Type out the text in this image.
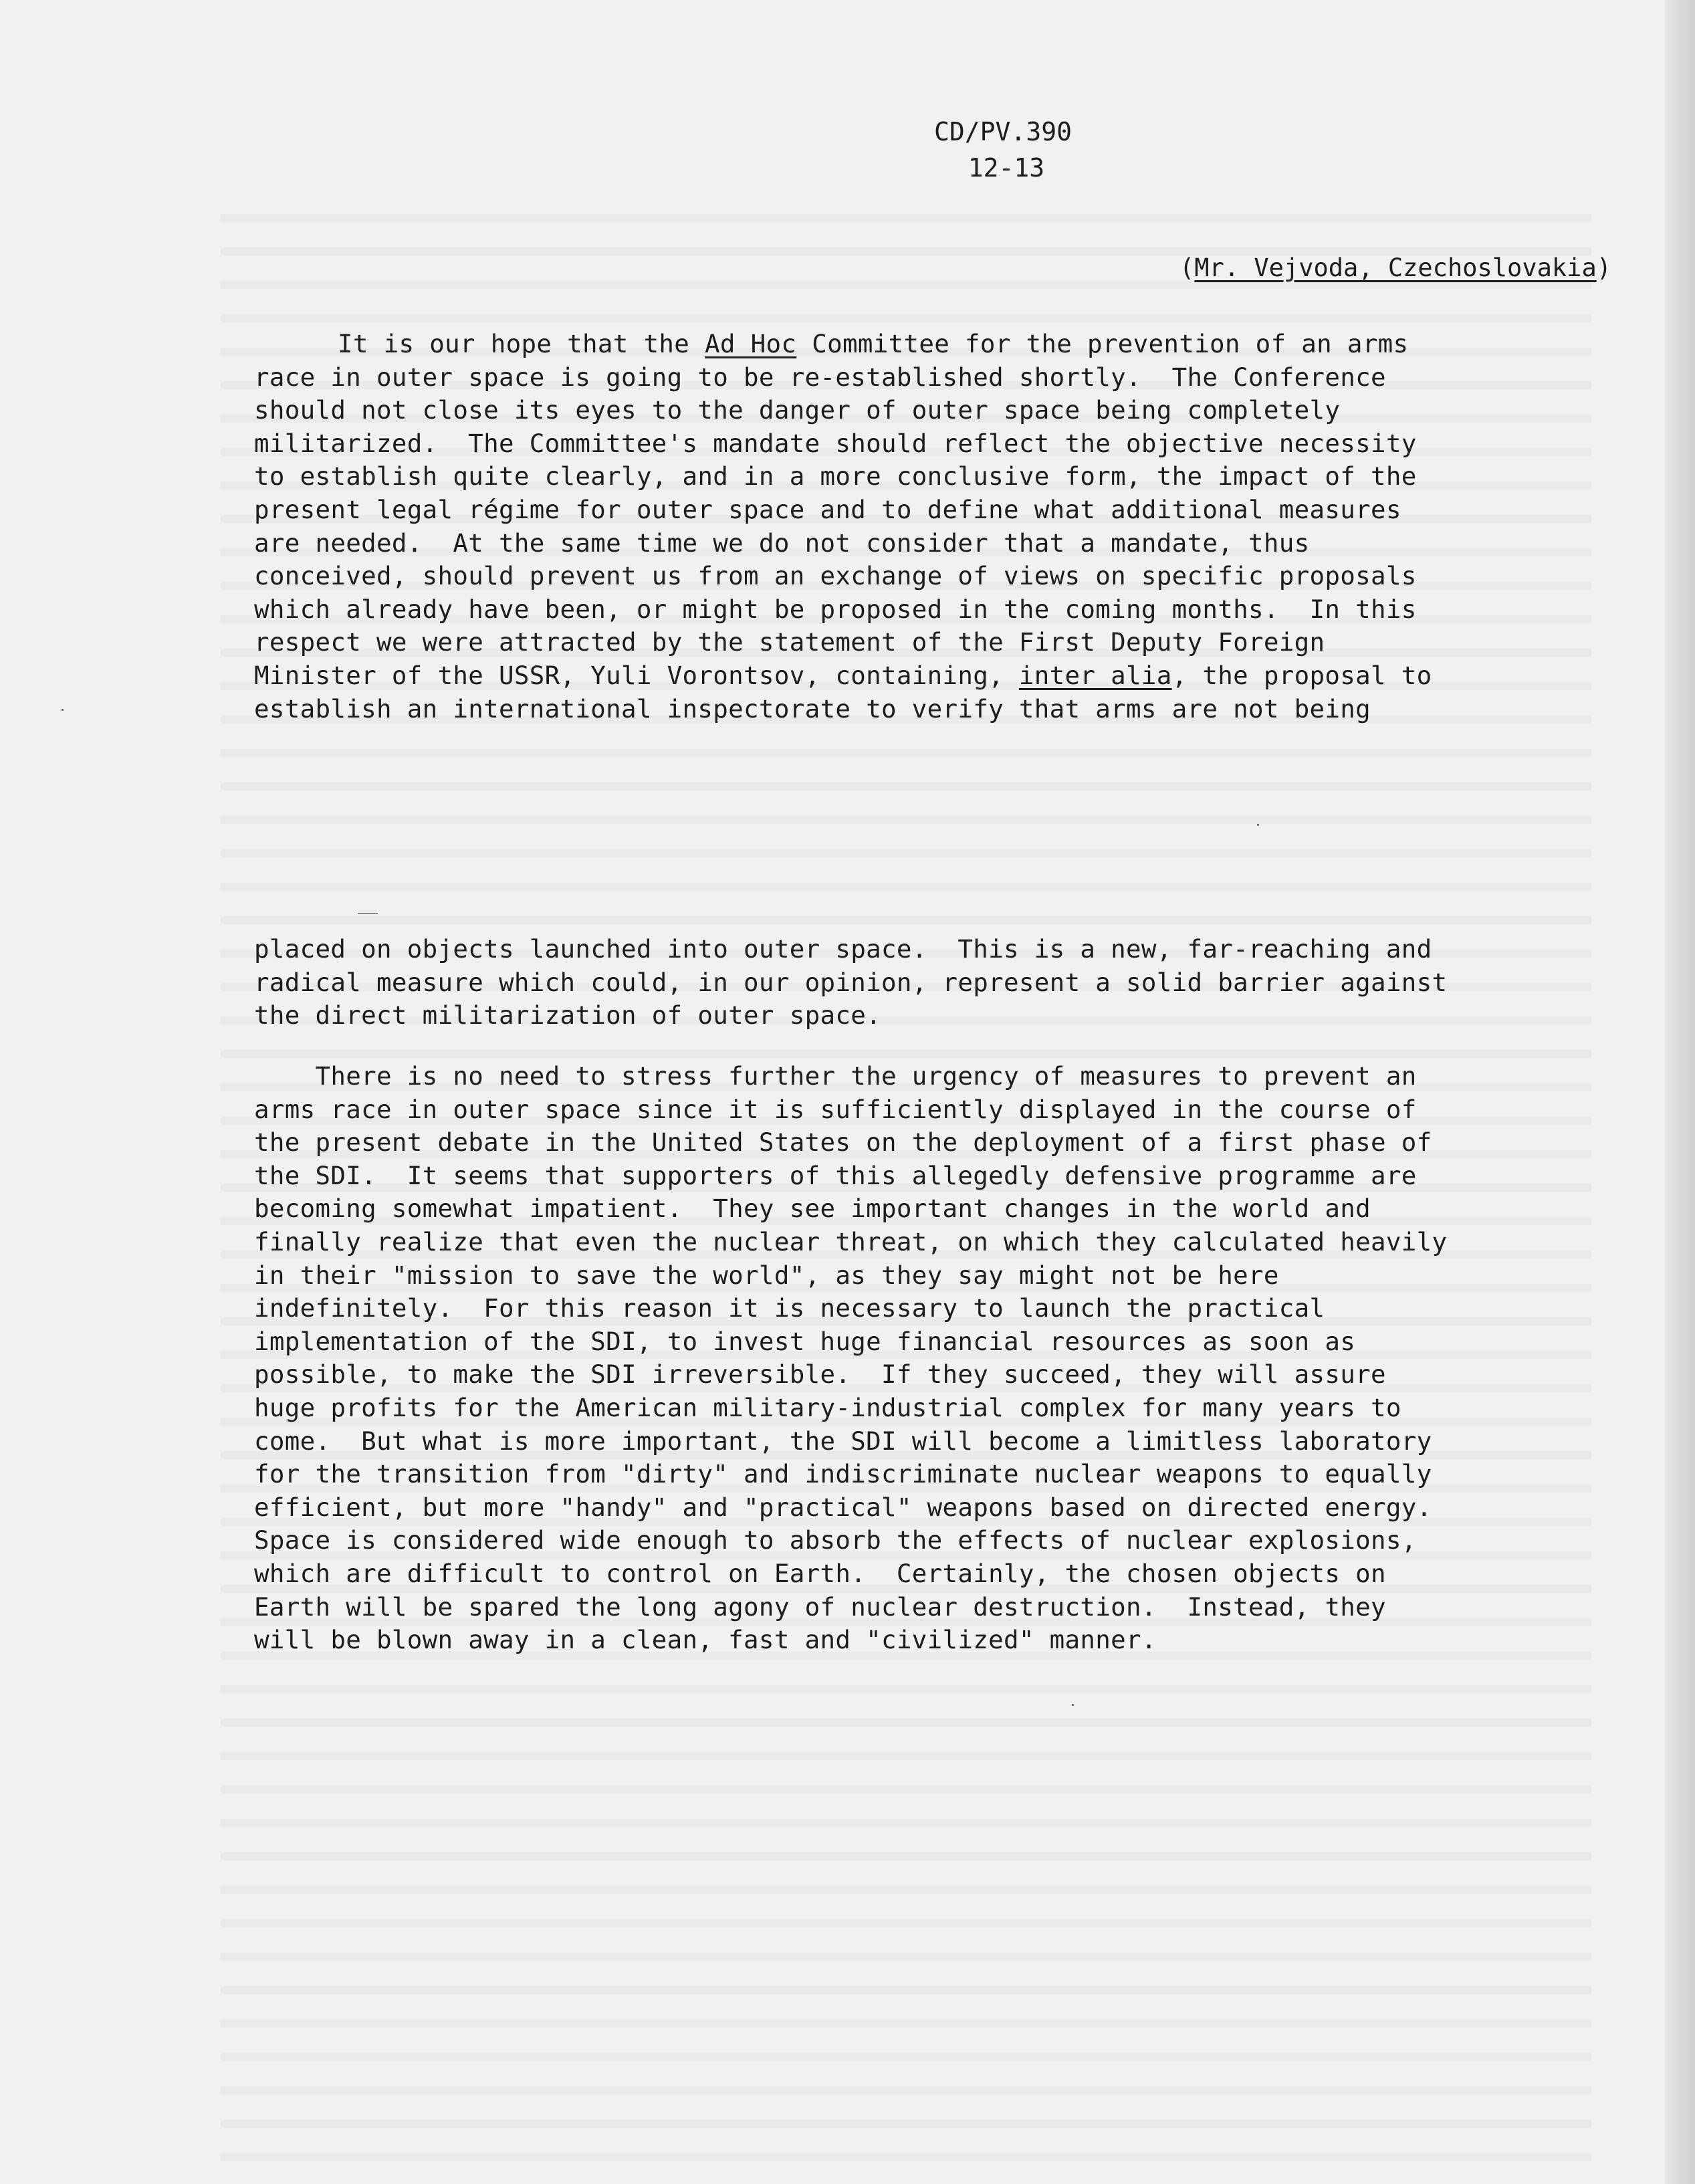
CD/PV.390
12-13
(Mr. Vejvoda, Czechoslovakia)
It is our hope that the Ad Hoc Committee for the prevention of an arms
race in outer space is going to be re-established shortly.  The Conference
should not close its eyes to the danger of outer space being completely
militarized.  The Committee's mandate should reflect the objective necessity
to establish quite clearly, and in a more conclusive form, the impact of the
present legal régime for outer space and to define what additional measures
are needed.  At the same time we do not consider that a mandate, thus
conceived, should prevent us from an exchange of views on specific proposals
which already have been, or might be proposed in the coming months.  In this
respect we were attracted by the statement of the First Deputy Foreign
Minister of the USSR, Yuli Vorontsov, containing, inter alia, the proposal to
establish an international inspectorate to verify that arms are not being
placed on objects launched into outer space.  This is a new, far-reaching and
radical measure which could, in our opinion, represent a solid barrier against
the direct militarization of outer space.
There is no need to stress further the urgency of measures to prevent an
arms race in outer space since it is sufficiently displayed in the course of
the present debate in the United States on the deployment of a first phase of
the SDI.  It seems that supporters of this allegedly defensive programme are
becoming somewhat impatient.  They see important changes in the world and
finally realize that even the nuclear threat, on which they calculated heavily
in their "mission to save the world", as they say might not be here
indefinitely.  For this reason it is necessary to launch the practical
implementation of the SDI, to invest huge financial resources as soon as
possible, to make the SDI irreversible.  If they succeed, they will assure
huge profits for the American military-industrial complex for many years to
come.  But what is more important, the SDI will become a limitless laboratory
for the transition from "dirty" and indiscriminate nuclear weapons to equally
efficient, but more "handy" and "practical" weapons based on directed energy.
Space is considered wide enough to absorb the effects of nuclear explosions,
which are difficult to control on Earth.  Certainly, the chosen objects on
Earth will be spared the long agony of nuclear destruction.  Instead, they
will be blown away in a clean, fast and "civilized" manner.
